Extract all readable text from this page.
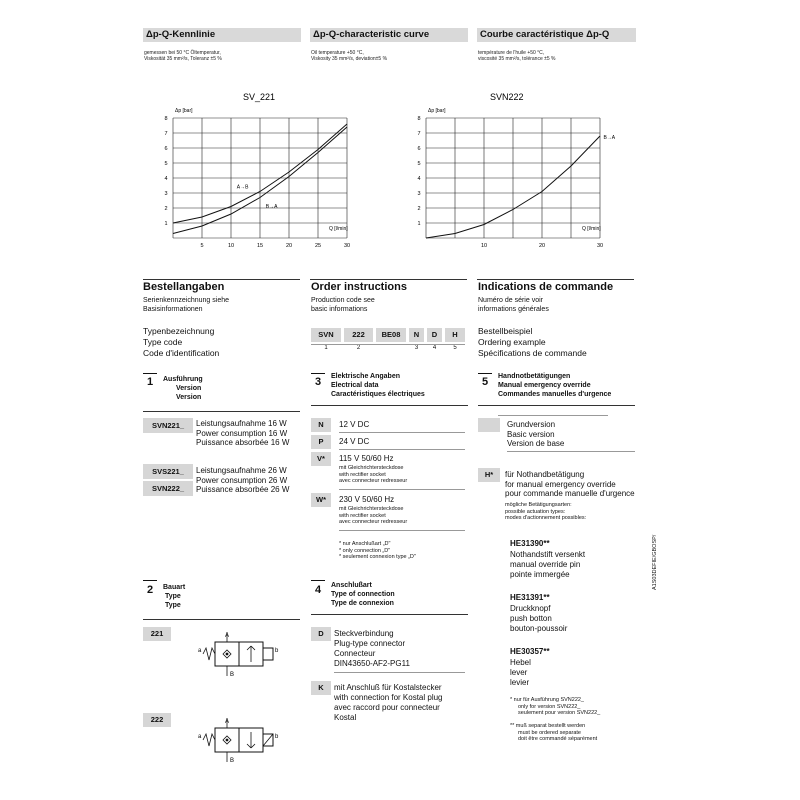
Δp-Q-Kennlinie	Δp-Q-characteristic curve	Courbe caractéristique Δp-Q
gemessen bei 50 °C Öltemperatur,
Viskosität 35 mm²/s, Toleranz ±5 %
Oil temperature +50 °C,
Viskosity 35 mm²/s, deviation±5 %
température de l'huile +50 °C,
viscosité 35 mm²/s, tolérance ±5 %
SV_221
Δp [bar]
1
2
3
4
5
6
7
8
5	10	15	20	25	30
Q [l/min]
A→B
B→A
SVN222
Δp [bar]
1
2
3
4
5
6
7
8
10	20	30
Q [l/min]
B→A
Bestellangaben	Order instructions	Indications de commande
Serienkennzeichnung siehe
Basisinformationen
Production code see
basic informations
Numéro de série voir
informations générales
Typenbezeichnung
Type code
Code d'identification
SVN	222	BE08	N	D	H
1	2	3	4	5
Bestellbeispiel
Ordering example
Spécifications de commande
1 Ausführung
Version
Version
SVN221_	Leistungsaufnahme 16 W
Power consumption 16 W
Puissance absorbée 16 W
SVS221_
SVN222_
Leistungsaufnahme 26 W
Power consumption 26 W
Puissance absorbée 26 W
3 Elektrische Angaben
Electrical data
Caractéristiques électriques
N	12 V DC
P	24 V DC
V*	115 V 50/60 Hz
mit Gleichrichtersteckdose
with rectifier socket
avec connecteur redresseur
W*	230 V 50/60 Hz
mit Gleichrichtersteckdose
with rectifier socket
avec connecteur redresseur
* nur Anschlußart „D"
* only connection „D"
* seulement connexion type „D"
5 Handnotbetätigungen
Manual emergency override
Commandes manuelles d'urgence
Grundversion
Basic version
Version de base
H*	für Nothandbetätigung
for manual emergency override
pour commande manuelle d'urgence
mögliche Betätigungsarten:
possible actuation types:
modes d'actionnement possibles:
HE31390**
Nothandstift versenkt
manual override pin
pointe immergée
HE31391**
Druckknopf
push botton
bouton-poussoir
HE30357**
Hebel
lever
levier
* nur für Ausführung SVN222_
only for version SVN222_
seulement pour version SVN222_
** muß separat bestellt werden
must be ordered separate
doit être commandé séparément
A1S03DEFIE/GBOSP/
2 Bauart
Type
Type
221
222
a	b
A
B
a	b
A
B
4 Anschlußart
Type of connection
Type de connexion
D	Steckverbindung
Plug-type connector
Connecteur
DIN43650-AF2-PG11
K	mit Anschluß für Kostalstecker
with connection for Kostal plug
avec raccord pour connecteur
Kostal
